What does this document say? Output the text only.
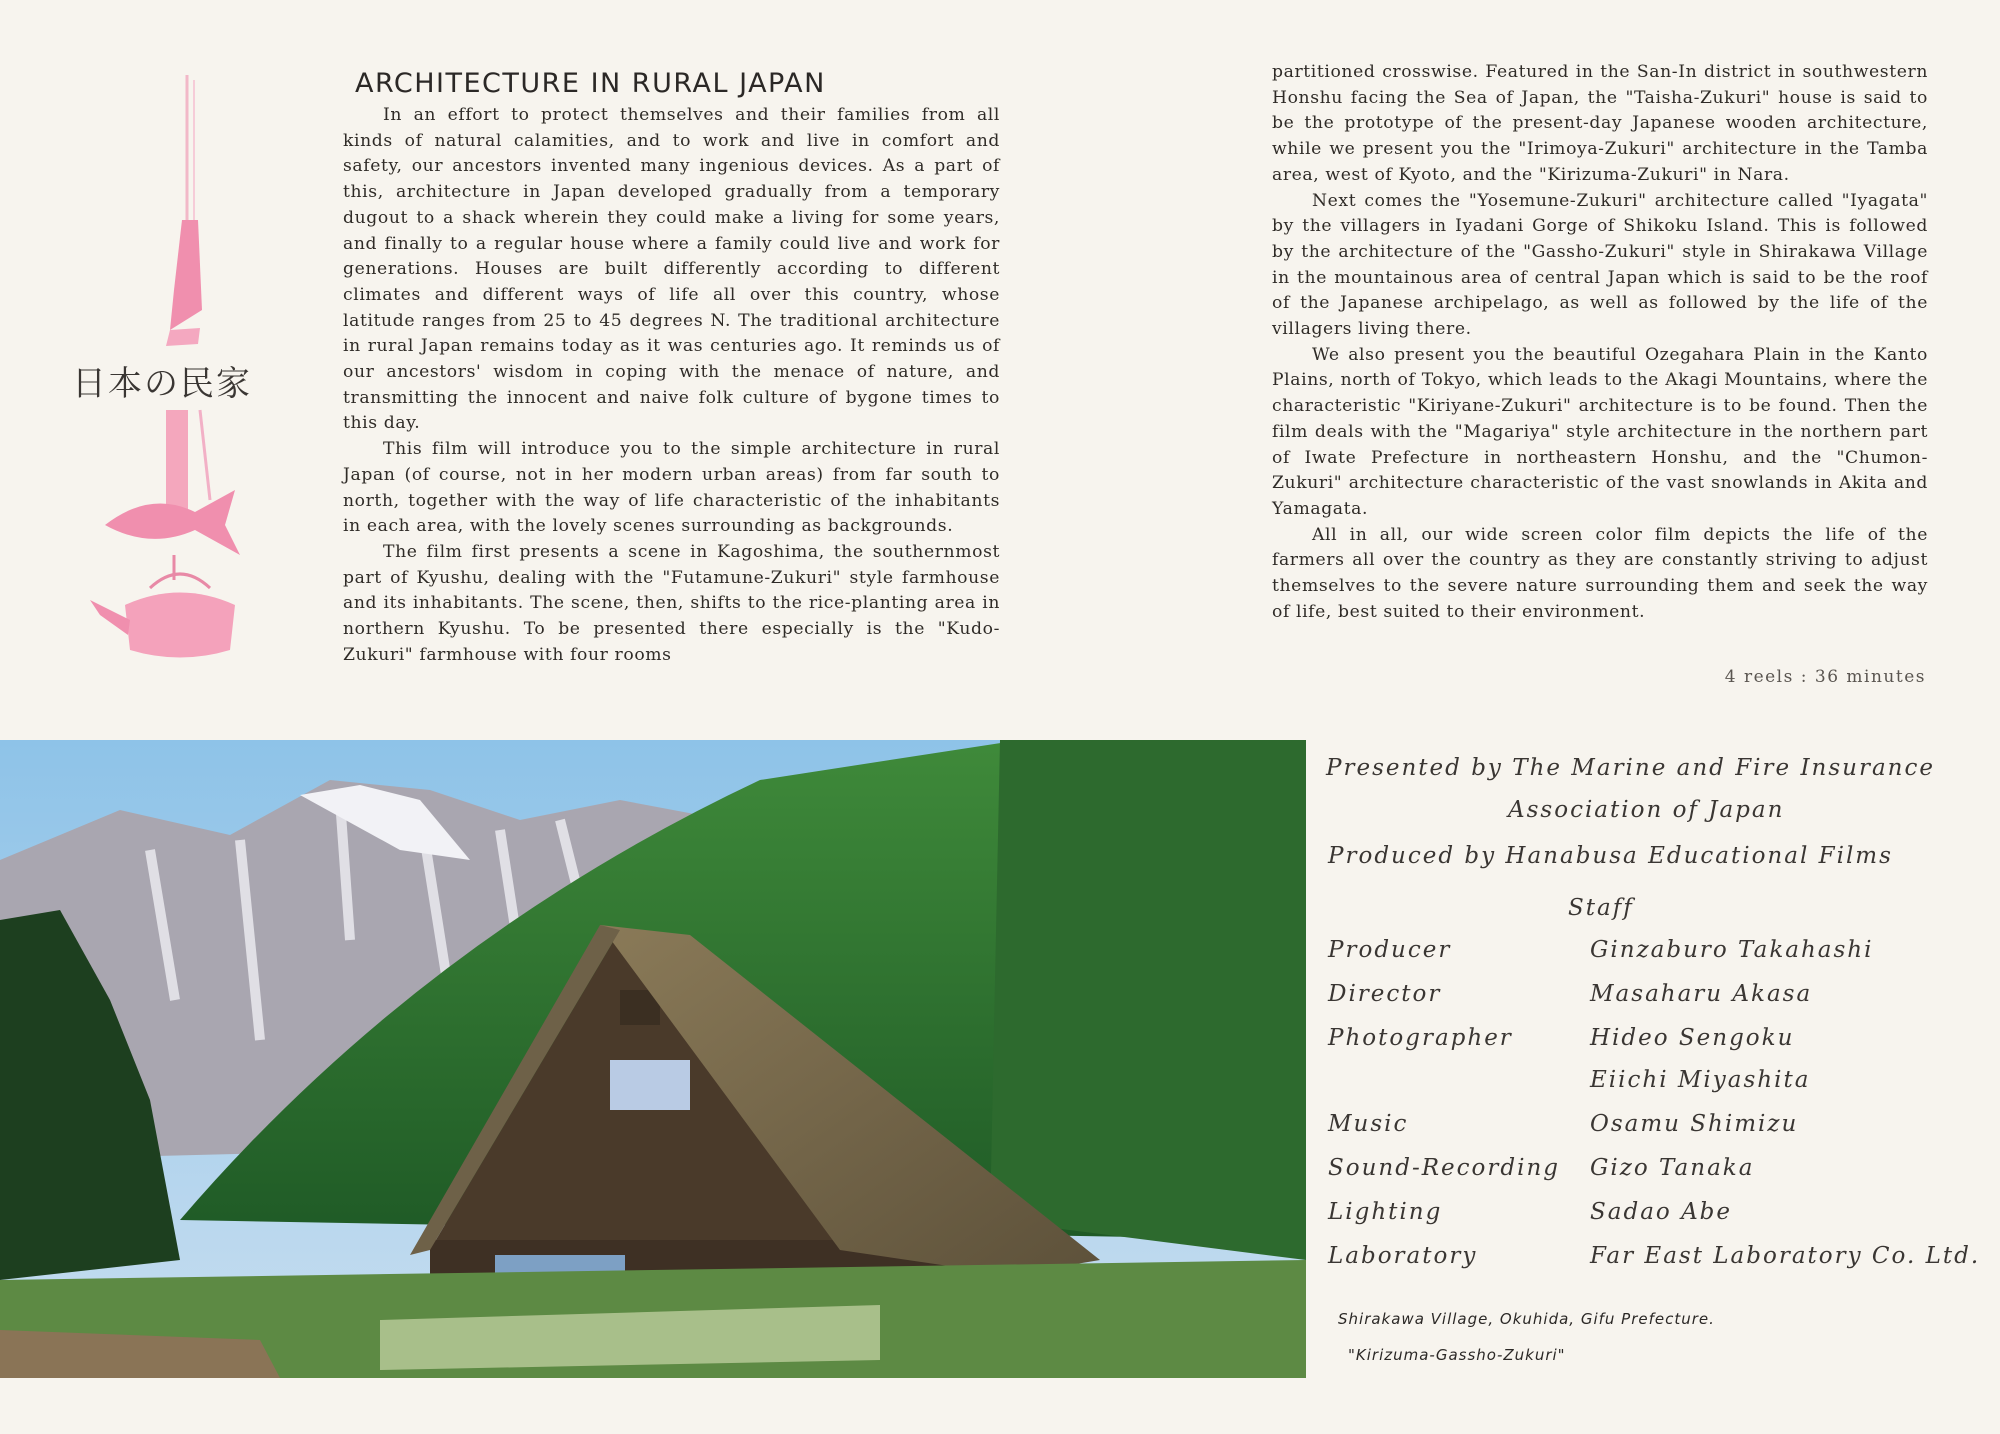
日本の民家
ARCHITECTURE IN RURAL JAPAN

In an effort to protect themselves and their families from all kinds of natural calamities, and to work and live in comfort and safety, our ancestors invented many ingenious devices. As a part of this, architecture in Japan developed gradually from a temporary dugout to a shack wherein they could make a living for some years, and finally to a regular house where a family could live and work for generations. Houses are built differently according to different climates and different ways of life all over this country, whose latitude ranges from 25 to 45 degrees N. The traditional architecture in rural Japan remains today as it was centuries ago. It reminds us of our ancestors' wisdom in coping with the menace of nature, and transmitting the innocent and naive folk culture of bygone times to this day.

This film will introduce you to the simple architecture in rural Japan (of course, not in her modern urban areas) from far south to north, together with the way of life characteristic of the inhabitants in each area, with the lovely scenes surrounding as backgrounds.

The film first presents a scene in Kagoshima, the southernmost part of Kyushu, dealing with the "Futamune-Zukuri" style farmhouse and its inhabitants. The scene, then, shifts to the rice-planting area in northern Kyushu. To be presented there especially is the "Kudo-Zukuri" farmhouse with four rooms

partitioned crosswise. Featured in the San-In district in southwestern Honshu facing the Sea of Japan, the "Taisha-Zukuri" house is said to be the prototype of the present-day Japanese wooden architecture, while we present you the "Irimoya-Zukuri" architecture in the Tamba area, west of Kyoto, and the "Kirizuma-Zukuri" in Nara.

Next comes the "Yosemune-Zukuri" architecture called "Iyagata" by the villagers in Iyadani Gorge of Shikoku Island. This is followed by the architecture of the "Gassho-Zukuri" style in Shirakawa Village in the mountainous area of central Japan which is said to be the roof of the Japanese archipelago, as well as followed by the life of the villagers living there.

We also present you the beautiful Ozegahara Plain in the Kanto Plains, north of Tokyo, which leads to the Akagi Mountains, where the characteristic "Kiriyane-Zukuri" architecture is to be found. Then the film deals with the "Magariya" style architecture in the northern part of Iwate Prefecture in northeastern Honshu, and the "Chumon-Zukuri" architecture characteristic of the vast snowlands in Akita and Yamagata.

All in all, our wide screen color film depicts the life of the farmers all over the country as they are constantly striving to adjust themselves to the severe nature surrounding them and seek the way of life, best suited to their environment.

4 reels : 36 minutes
Presented by The Marine and Fire Insurance
Association of Japan
Produced by Hanabusa Educational Films
Staff
Producer	Ginzaburo Takahashi
Director	Masaharu Akasa
Photographer	Hideo Sengoku
Eiichi Miyashita
Music	Osamu Shimizu
Sound-Recording Gizo Tanaka
Lighting	Sadao Abe
Laboratory	Far East Laboratory Co. Ltd.
Shirakawa Village, Okuhida, Gifu Prefecture.
"Kirizuma-Gassho-Zukuri"
